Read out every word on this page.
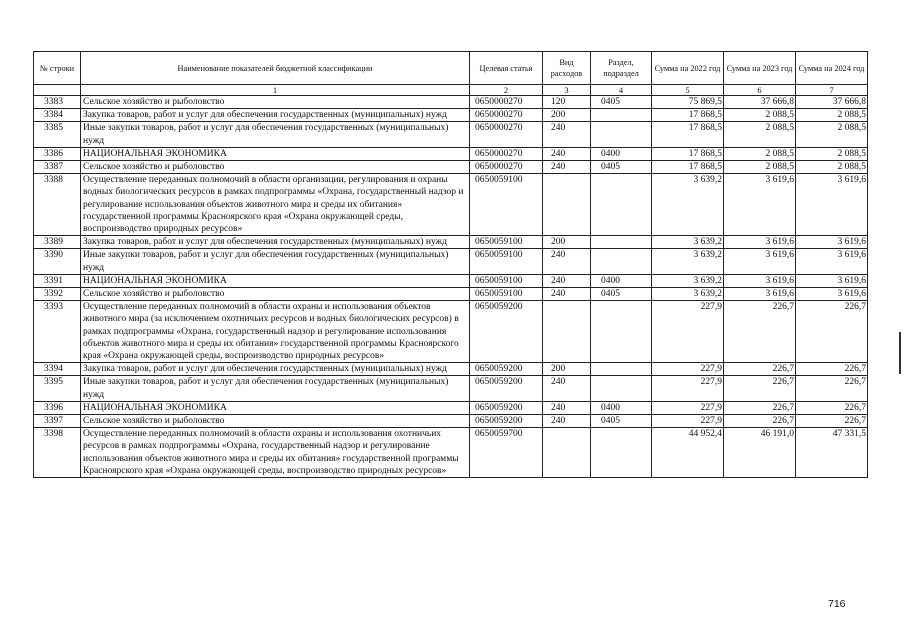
№ строки	Наименование показателей бюджетной классификации	Целевая статья	Вид расходов	Раздел, подраздел	Сумма на 2022 год	Сумма на 2023 год	Сумма на 2024 год
	1	2	3	4	5	6	7
3383	Сельское хозяйство и рыболовство	0650000270	120	0405	75 869,5	37 666,8	37 666,8
3384	Закупка товаров, работ и услуг для обеспечения государственных (муниципальных) нужд	0650000270	200		17 868,5	2 088,5	2 088,5
3385	Иные закупки товаров, работ и услуг для обеспечения государственных (муниципальных) нужд	0650000270	240		17 868,5	2 088,5	2 088,5
3386	НАЦИОНАЛЬНАЯ ЭКОНОМИКА	0650000270	240	0400	17 868,5	2 088,5	2 088,5
3387	Сельское хозяйство и рыболовство	0650000270	240	0405	17 868,5	2 088,5	2 088,5
3388	Осуществление переданных полномочий в области организации, регулирования и охраны водных биологических ресурсов в рамках подпрограммы «Охрана, государственный надзор и регулирование использования объектов животного мира и среды их обитания» государственной программы Красноярского края «Охрана окружающей среды, воспроизводство природных ресурсов»	0650059100			3 639,2	3 619,6	3 619,6
3389	Закупка товаров, работ и услуг для обеспечения государственных (муниципальных) нужд	0650059100	200		3 639,2	3 619,6	3 619,6
3390	Иные закупки товаров, работ и услуг для обеспечения государственных (муниципальных) нужд	0650059100	240		3 639,2	3 619,6	3 619,6
3391	НАЦИОНАЛЬНАЯ ЭКОНОМИКА	0650059100	240	0400	3 639,2	3 619,6	3 619,6
3392	Сельское хозяйство и рыболовство	0650059100	240	0405	3 639,2	3 619,6	3 619,6
3393	Осуществление переданных полномочий в области охраны и использования объектов животного мира (за исключением охотничьих ресурсов и водных биологических ресурсов) в рамках подпрограммы «Охрана, государственный надзор и регулирование использования объектов животного мира и среды их обитания» государственной программы Красноярского края «Охрана окружающей среды, воспроизводство природных ресурсов»	0650059200			227,9	226,7	226,7
3394	Закупка товаров, работ и услуг для обеспечения государственных (муниципальных) нужд	0650059200	200		227,9	226,7	226,7
3395	Иные закупки товаров, работ и услуг для обеспечения государственных (муниципальных) нужд	0650059200	240		227,9	226,7	226,7
3396	НАЦИОНАЛЬНАЯ ЭКОНОМИКА	0650059200	240	0400	227,9	226,7	226,7
3397	Сельское хозяйство и рыболовство	0650059200	240	0405	227,9	226,7	226,7
3398	Осуществление переданных полномочий в области охраны и использования охотничьих ресурсов в рамках подпрограммы «Охрана, государственный надзор и регулирование использования объектов животного мира и среды их обитания» государственной программы Красноярского края «Охрана окружающей среды, воспроизводство природных ресурсов»	0650059700			44 952,4	46 191,0	47 331,5
716
